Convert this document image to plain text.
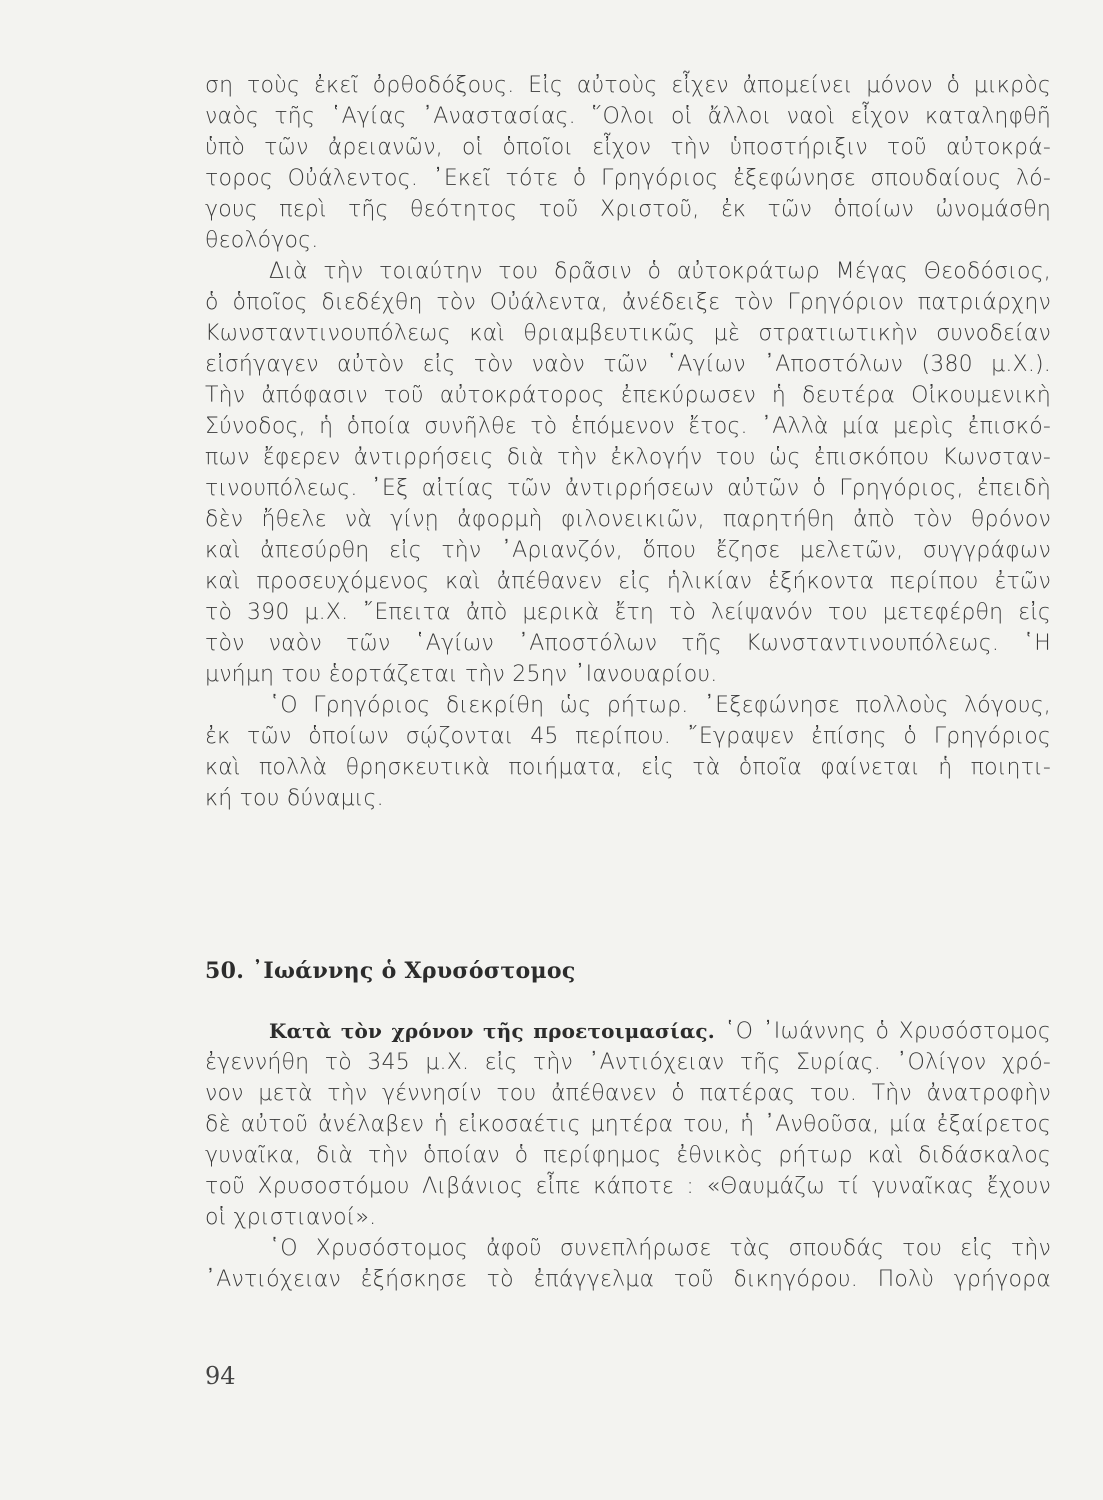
ση τοὺς ἐκεῖ ὀρθοδόξους. Εἰς αὐτοὺς εἶχεν ἀπομείνει μόνον ὁ μικρὸς
ναὸς τῆς ῾Αγίας ᾿Αναστασίας. ῞Ολοι οἱ ἄλλοι ναοὶ εἶχον καταληφθῆ
ὑπὸ τῶν ἀρειανῶν, οἱ ὁποῖοι εἶχον τὴν ὑποστήριξιν τοῦ αὐτοκρά-
τορος Οὐάλεντος. ᾿Εκεῖ τότε ὁ Γρηγόριος ἐξεφώνησε σπουδαίους λό-
γους περὶ τῆς θεότητος τοῦ Χριστοῦ, ἐκ τῶν ὁποίων ὠνομάσθη
θεολόγος.
Διὰ τὴν τοιαύτην του δρᾶσιν ὁ αὐτοκράτωρ Μέγας Θεοδόσιος,
ὁ ὁποῖος διεδέχθη τὸν Οὐάλεντα, ἀνέδειξε τὸν Γρηγόριον πατριάρχην
Κωνσταντινουπόλεως καὶ θριαμβευτικῶς μὲ στρατιωτικὴν συνοδείαν
εἰσήγαγεν αὐτὸν εἰς τὸν ναὸν τῶν ῾Αγίων ᾿Αποστόλων (380 μ.Χ.).
Τὴν ἀπόφασιν τοῦ αὐτοκράτορος ἐπεκύρωσεν ἡ δευτέρα Οἰκουμενικὴ
Σύνοδος, ἡ ὁποία συνῆλθε τὸ ἑπόμενον ἔτος. ᾿Αλλὰ μία μερὶς ἐπισκό-
πων ἔφερεν ἀντιρρήσεις διὰ τὴν ἐκλογήν του ὡς ἐπισκόπου Κωνσταν-
τινουπόλεως. ᾿Εξ αἰτίας τῶν ἀντιρρήσεων αὐτῶν ὁ Γρηγόριος, ἐπειδὴ
δὲν ἤθελε νὰ γίνῃ ἀφορμὴ φιλονεικιῶν, παρητήθη ἀπὸ τὸν θρόνον
καὶ ἀπεσύρθη εἰς τὴν ᾿Αριανζόν, ὅπου ἔζησε μελετῶν, συγγράφων
καὶ προσευχόμενος καὶ ἀπέθανεν εἰς ἡλικίαν ἑξήκοντα περίπου ἐτῶν
τὸ 390 μ.Χ. ῎Επειτα ἀπὸ μερικὰ ἔτη τὸ λείψανόν του μετεφέρθη εἰς
τὸν ναὸν τῶν ῾Αγίων ᾿Αποστόλων τῆς Κωνσταντινουπόλεως. ῾Η
μνήμη του ἑορτάζεται τὴν 25ην ᾿Ιανουαρίου.
῾Ο Γρηγόριος διεκρίθη ὡς ρήτωρ. ᾿Εξεφώνησε πολλοὺς λόγους,
ἐκ τῶν ὁποίων σῴζονται 45 περίπου. ῎Εγραψεν ἐπίσης ὁ Γρηγόριος
καὶ πολλὰ θρησκευτικὰ ποιήματα, εἰς τὰ ὁποῖα φαίνεται ἡ ποιητι-
κή του δύναμις.
50. ᾿Ιωάννης ὁ Χρυσόστομος
Κατὰ τὸν χρόνον τῆς προετοιμασίας. ῾Ο ᾿Ιωάννης ὁ Χρυσόστομος
ἐγεννήθη τὸ 345 μ.Χ. εἰς τὴν ᾿Αντιόχειαν τῆς Συρίας. ᾿Ολίγον χρό-
νον μετὰ τὴν γέννησίν του ἀπέθανεν ὁ πατέρας του. Τὴν ἀνατροφὴν
δὲ αὐτοῦ ἀνέλαβεν ἡ εἰκοσαέτις μητέρα του, ἡ ᾿Ανθοῦσα, μία ἐξαίρετος
γυναῖκα, διὰ τὴν ὁποίαν ὁ περίφημος ἐθνικὸς ρήτωρ καὶ διδάσκαλος
τοῦ Χρυσοστόμου Λιβάνιος εἶπε κάποτε : «Θαυμάζω τί γυναῖκας ἔχουν
οἱ χριστιανοί».
῾Ο Χρυσόστομος ἀφοῦ συνεπλήρωσε τὰς σπουδάς του εἰς τὴν
᾿Αντιόχειαν ἐξήσκησε τὸ ἐπάγγελμα τοῦ δικηγόρου. Πολὺ γρήγορα
94
